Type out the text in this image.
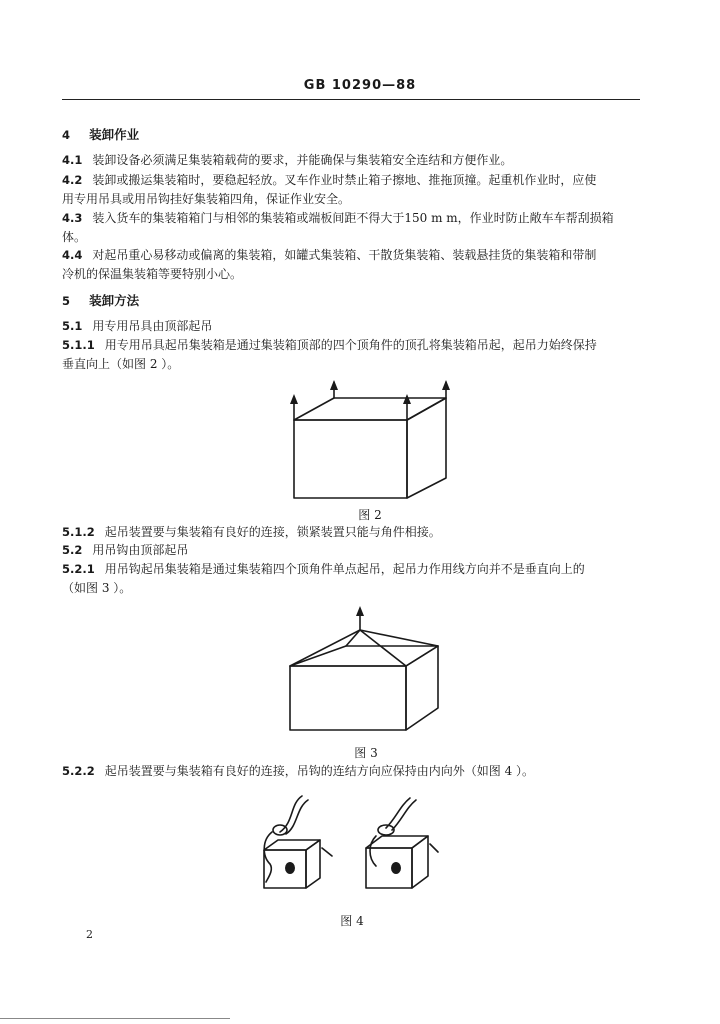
GB 10290—88
4 装卸作业
4.1 装卸设备必须满足集装箱载荷的要求，并能确保与集装箱安全连结和方便作业。
4.2 装卸或搬运集装箱时，要稳起轻放。叉车作业时禁止箱子擦地、推拖顶撞。起重机作业时，应使
用专用吊具或用吊钩挂好集装箱四角，保证作业安全。
4.3 装入货车的集装箱箱门与相邻的集装箱或端板间距不得大于150 m m，作业时防止敞车车帮刮损箱
体。
4.4 对起吊重心易移动或偏离的集装箱，如罐式集装箱、干散货集装箱、装载悬挂货的集装箱和带制
冷机的保温集装箱等要特别小心。
5 装卸方法
5.1 用专用吊具由顶部起吊
5.1.1 用专用吊具起吊集装箱是通过集装箱顶部的四个顶角件的顶孔将集装箱吊起，起吊力始终保持
垂直向上（如图 2 ）。
图 2
5.1.2 起吊装置要与集装箱有良好的连接，锁紧装置只能与角件相接。
5.2 用吊钩由顶部起吊
5.2.1 用吊钩起吊集装箱是通过集装箱四个顶角件单点起吊，起吊力作用线方向并不是垂直向上的
（如图 3 ）。
图 3
5.2.2 起吊装置要与集装箱有良好的连接，吊钩的连结方向应保持由内向外（如图 4 ）。
图 4
2
